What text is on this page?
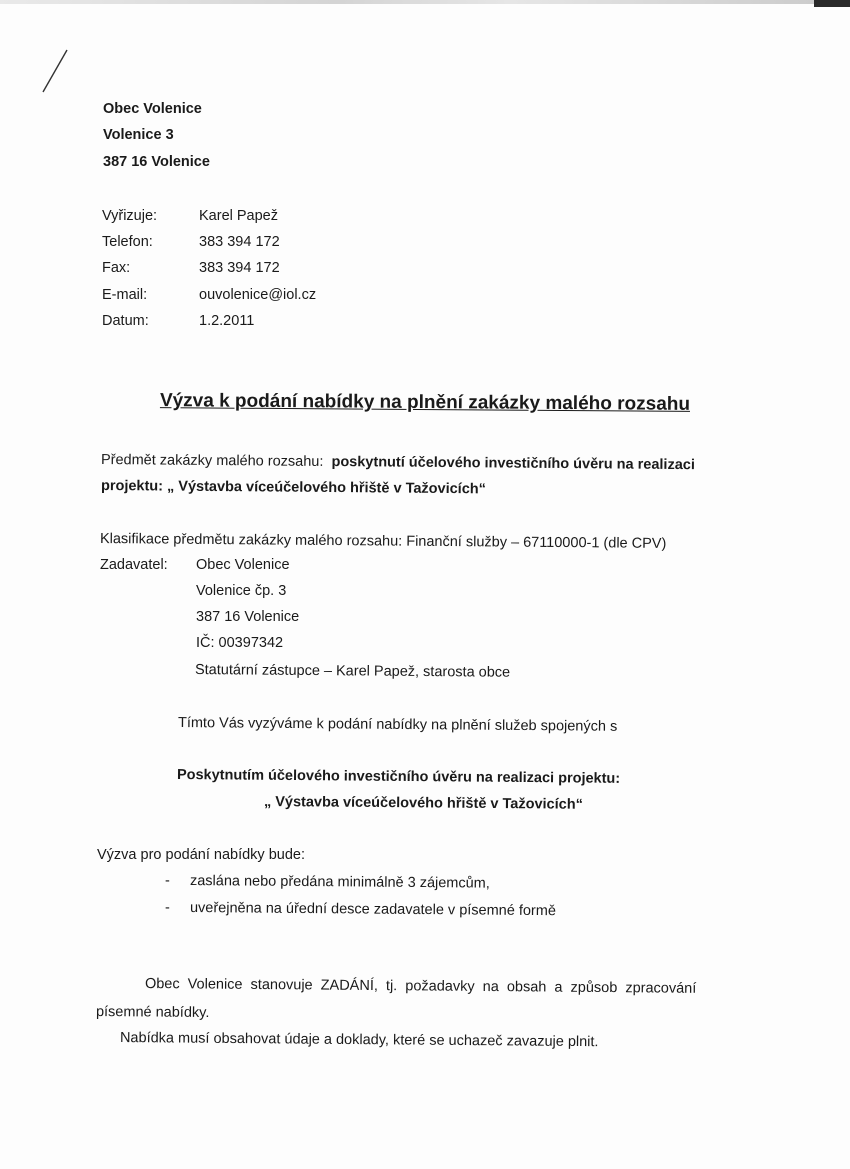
Obec Volenice
Volenice 3
387 16 Volenice
Vyřizuje:	Karel Papež
Telefon:	383 394 172
Fax:	383 394 172
E-mail:	ouvolenice@iol.cz
Datum:	1.2.2011
Výzva k podání nabídky na plnění zakázky malého rozsahu
Předmět zakázky malého rozsahu: poskytnutí účelového investičního úvěru na realizaci
projektu: „ Výstavba víceúčelového hřiště v Tažovicích“
Klasifikace předmětu zakázky malého rozsahu: Finanční služby – 67110000-1 (dle CPV)
Zadavatel: Obec Volenice
Volenice čp. 3
387 16 Volenice
IČ: 00397342
Statutární zástupce – Karel Papež, starosta obce
Tímto Vás vyzýváme k podání nabídky na plnění služeb spojených s
Poskytnutím účelového investičního úvěru na realizaci projektu:
„ Výstavba víceúčelového hřiště v Tažovicích“
Výzva pro podání nabídky bude:
- zaslána nebo předána minimálně 3 zájemcům,
- uveřejněna na úřední desce zadavatele v písemné formě
Obec  Volenice  stanovuje  ZADÁNÍ,  tj.  požadavky  na  obsah  a  způsob  zpracování
písemné nabídky.
Nabídka musí obsahovat údaje a doklady, které se uchazeč zavazuje plnit.
